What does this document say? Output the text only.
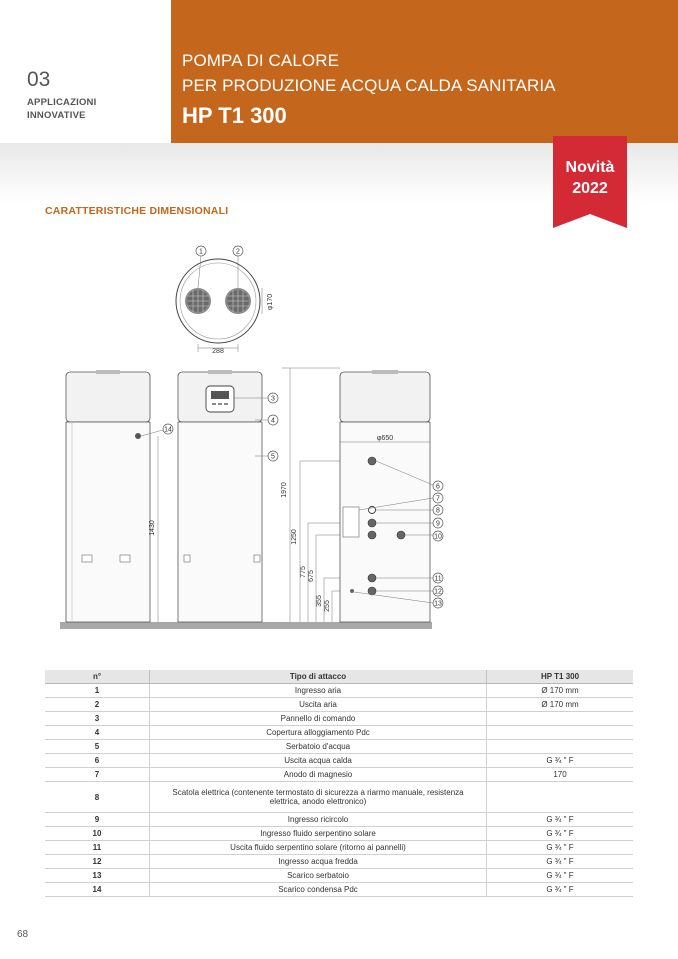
03
APPLICAZIONI
INNOVATIVE
POMPA DI CALORE
PER PRODUZIONE ACQUA CALDA SANITARIA
HP T1 300
Novità
2022
CARATTERISTICHE DIMENSIONALI
1	2
φ170
288
14
1430
3
4
5
1970
1250
775 675
355 255
φ650
6
7
8
9
10
11
12
13
n°	Tipo di attacco	HP T1 300
1	Ingresso aria	Ø 170 mm
2	Uscita aria	Ø 170 mm
3	Pannello di comando	
4	Copertura alloggiamento Pdc	
5	Serbatoio d'acqua	
6	Uscita acqua calda	G ¾ " F
7	Anodo di magnesio	170
8	Scatola elettrica (contenente termostato di sicurezza a riarmo manuale, resistenza elettrica, anodo elettronico)	
9	Ingresso ricircolo	G ¾ " F
10	Ingresso fluido serpentino solare	G ¾ " F
11	Uscita fluido serpentino solare (ritorno ai pannelli)	G ¾ " F
12	Ingresso acqua fredda	G ¾ " F
13	Scarico serbatoio	G ¾ " F
14	Scarico condensa Pdc	G ¾ " F
68
